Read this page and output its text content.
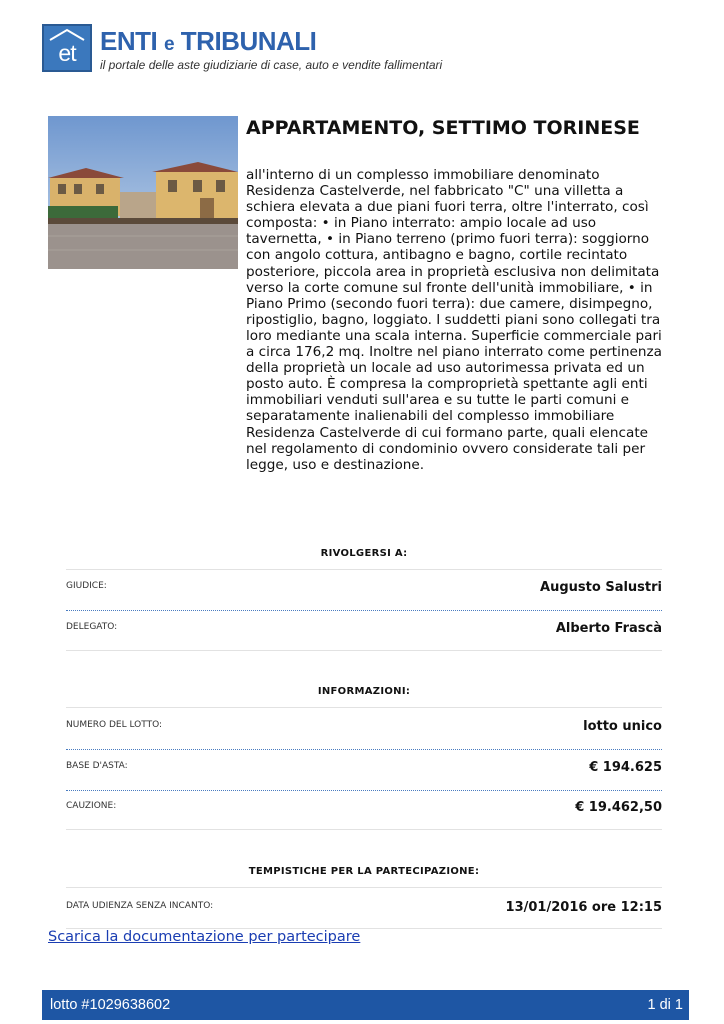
et ENTI e TRIBUNALI
il portale delle aste giudiziarie di case, auto e vendite fallimentari
APPARTAMENTO, SETTIMO TORINESE

all'interno di un complesso immobiliare denominato Residenza Castelverde, nel fabbricato "C" una villetta a schiera elevata a due piani fuori terra, oltre l'interrato, così composta: • in Piano interrato: ampio locale ad uso tavernetta, • in Piano terreno (primo fuori terra): soggiorno con angolo cottura, antibagno e bagno, cortile recintato posteriore, piccola area in proprietà esclusiva non delimitata verso la corte comune sul fronte dell'unità immobiliare, • in Piano Primo (secondo fuori terra): due camere, disimpegno, ripostiglio, bagno, loggiato. I suddetti piani sono collegati tra loro mediante una scala interna. Superficie commerciale pari a circa 176,2 mq. Inoltre nel piano interrato come pertinenza della proprietà un locale ad uso autorimessa privata ed un posto auto. È compresa la comproprietà spettante agli enti immobiliari venduti sull'area e su tutte le parti comuni e separatamente inalienabili del complesso immobiliare Residenza Castelverde di cui formano parte, quali elencate nel regolamento di condominio ovvero considerate tali per legge, uso e destinazione.

RIVOLGERSI A:
GIUDICE:	Augusto Salustri
DELEGATO:	Alberto Frascà
INFORMAZIONI:
NUMERO DEL LOTTO:	lotto unico
BASE D'ASTA:	€ 194.625
CAUZIONE:	€ 19.462,50
TEMPISTICHE PER LA PARTECIPAZIONE:
DATA UDIENZA SENZA INCANTO:	13/01/2016 ore 12:15
Scarica la documentazione per partecipare
lotto #1029638602	1 di 1
